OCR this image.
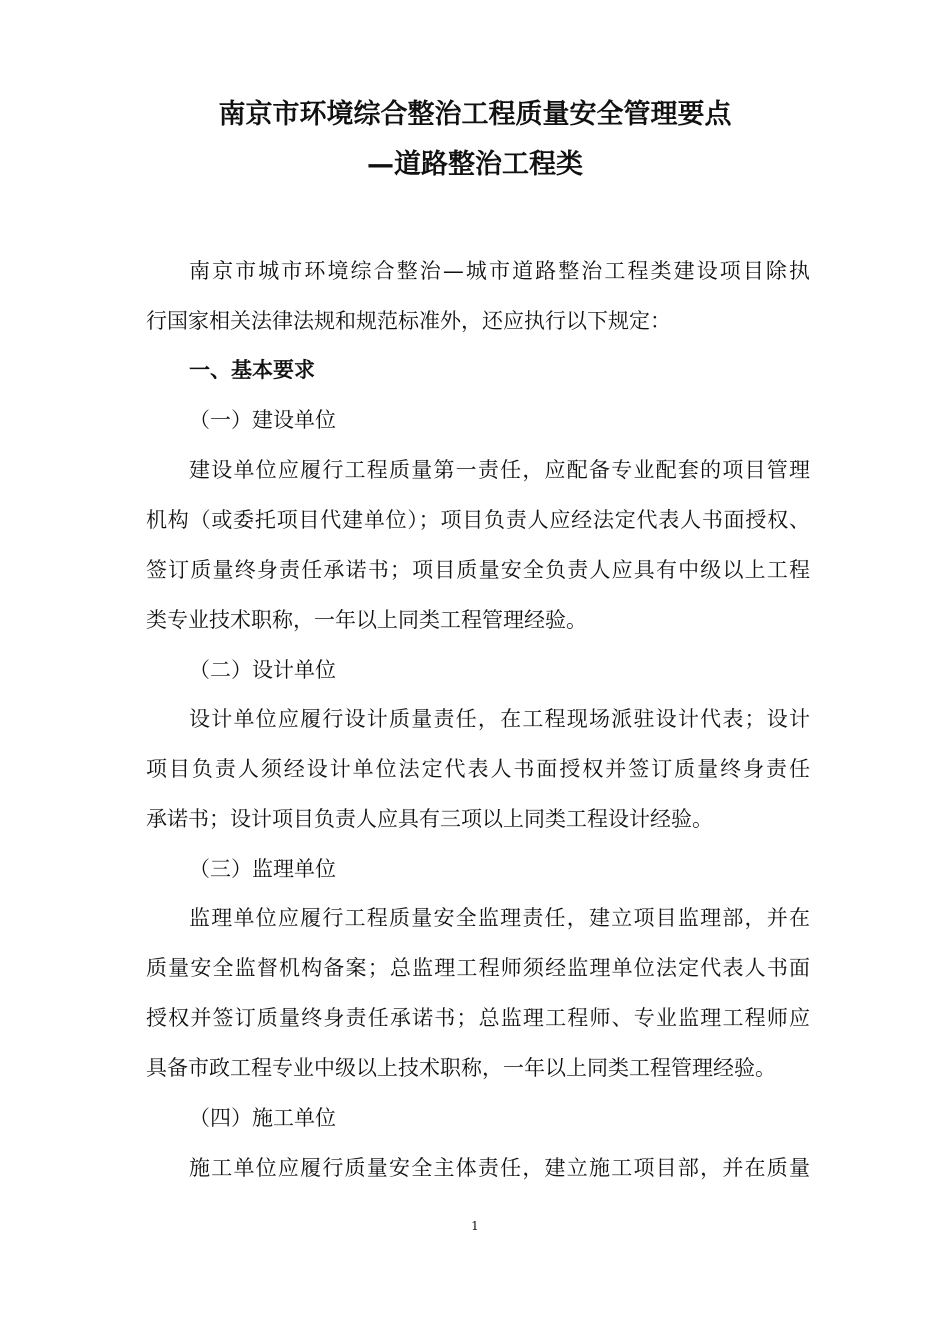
南京市环境综合整治工程质量安全管理要点
—道路整治工程类
南京市城市环境综合整治—城市道路整治工程类建设项目除执
行国家相关法律法规和规范标准外，还应执行以下规定：
一、基本要求
（一）建设单位
建设单位应履行工程质量第一责任，应配备专业配套的项目管理
机构（或委托项目代建单位）；项目负责人应经法定代表人书面授权、
签订质量终身责任承诺书；项目质量安全负责人应具有中级以上工程
类专业技术职称，一年以上同类工程管理经验。
（二）设计单位
设计单位应履行设计质量责任，在工程现场派驻设计代表；设计
项目负责人须经设计单位法定代表人书面授权并签订质量终身责任
承诺书；设计项目负责人应具有三项以上同类工程设计经验。
（三）监理单位
监理单位应履行工程质量安全监理责任，建立项目监理部，并在
质量安全监督机构备案；总监理工程师须经监理单位法定代表人书面
授权并签订质量终身责任承诺书；总监理工程师、专业监理工程师应
具备市政工程专业中级以上技术职称，一年以上同类工程管理经验。
（四）施工单位
施工单位应履行质量安全主体责任，建立施工项目部，并在质量
1
